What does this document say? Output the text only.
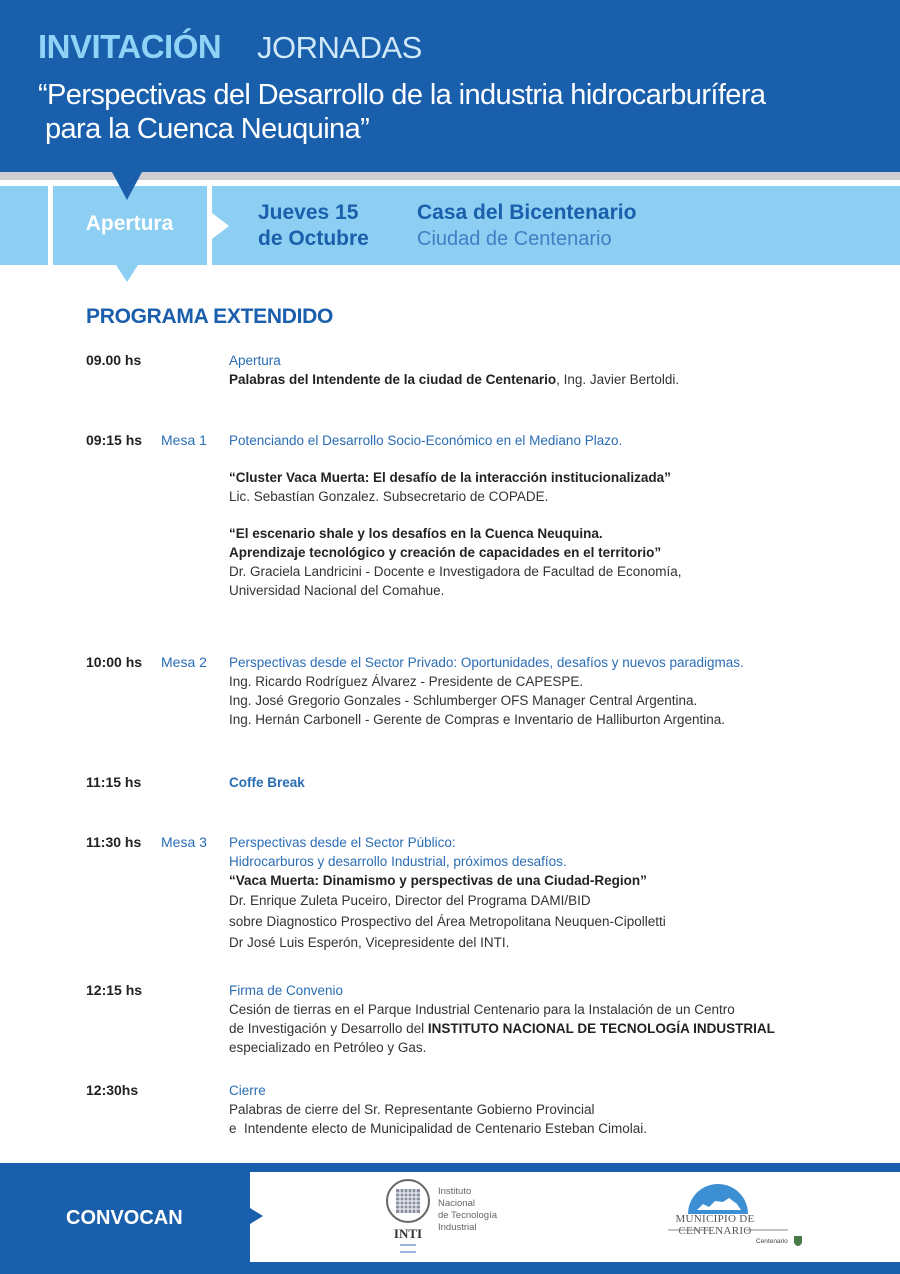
INVITACIÓN JORNADAS
“Perspectivas del Desarrollo de la industria hidrocarburífera
para la Cuenca Neuquina”
Apertura	Jueves 15
de Octubre
Casa del Bicentenario
Ciudad de Centenario
PROGRAMA EXTENDIDO
09.00 hs	Apertura
Palabras del Intendente de la ciudad de Centenario, Ing. Javier Bertoldi.
09:15 hs Mesa 1 Potenciando el Desarrollo Socio-Económico en el Mediano Plazo.
“Cluster Vaca Muerta: El desafío de la interacción institucionalizada”
Lic. Sebastían Gonzalez. Subsecretario de COPADE.
“El escenario shale y los desafíos en la Cuenca Neuquina.
Aprendizaje tecnológico y creación de capacidades en el territorio”
Dr. Graciela Landricini - Docente e Investigadora de Facultad de Economía,
Universidad Nacional del Comahue.
10:00 hs Mesa 2 Perspectivas desde el Sector Privado: Oportunidades, desafíos y nuevos paradigmas.
Ing. Ricardo Rodríguez Álvarez - Presidente de CAPESPE.
Ing. José Gregorio Gonzales - Schlumberger OFS Manager Central Argentina.
Ing. Hernán Carbonell - Gerente de Compras e Inventario de Halliburton Argentina.
11:15 hs	Coffe Break
11:30 hs Mesa 3 Perspectivas desde el Sector Público:
Hidrocarburos y desarrollo Industrial, próximos desafíos.
“Vaca Muerta: Dinamismo y perspectivas de una Ciudad-Region”
Dr. Enrique Zuleta Puceiro, Director del Programa DAMI/BID
sobre Diagnostico Prospectivo del Área Metropolitana Neuquen-Cipolletti
Dr José Luis Esperón, Vicepresidente del INTI.
12:15 hs	Firma de Convenio
Cesión de tierras en el Parque Industrial Centenario para la Instalación de un Centro
de Investigación y Desarrollo del INSTITUTO NACIONAL DE TECNOLOGÍA INDUSTRIAL
especializado en Petróleo y Gas.
12:30hs	Cierre
Palabras de cierre del Sr. Representante Gobierno Provincial
e  Intendente electo de Municipalidad de Centenario Esteban Cimolai.
CONVOCAN
INTI
Instituto
Nacional
de Tecnología
Industrial
MUNICIPIO DE CENTENARIO
Centenario
